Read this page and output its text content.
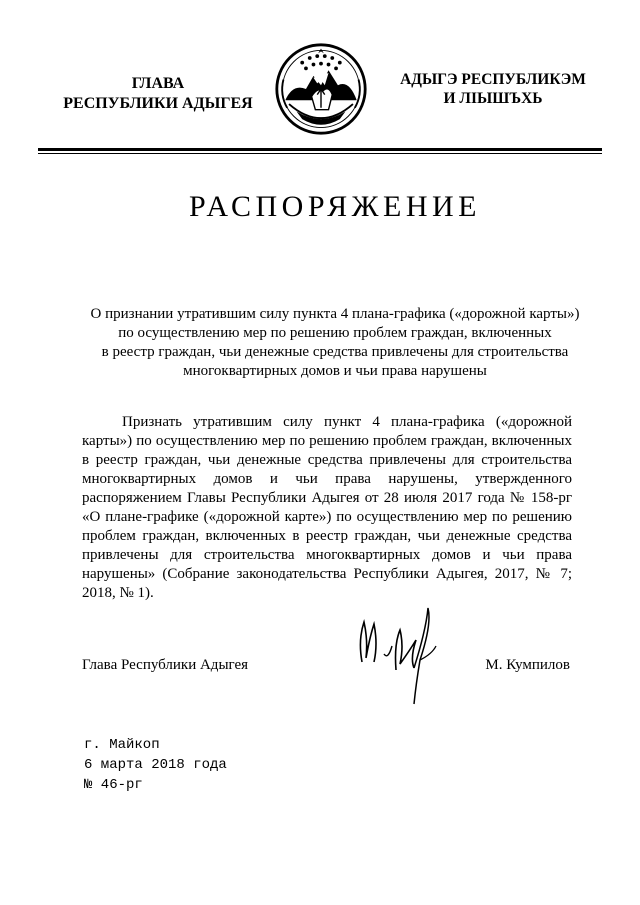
ГЛАВА
РЕСПУБЛИКИ АДЫГЕЯ
АДЫГЭ РЕСПУБЛИКЭМ
И ЛІЫШЪХЬ
РАСПОРЯЖЕНИЕ
О признании утратившим силу пункта 4 плана-графика («дорожной карты»)
по осуществлению мер по решению проблем граждан, включенных
в реестр граждан, чьи денежные средства привлечены для строительства
многоквартирных домов и чьи права нарушены
Признать утратившим силу пункт 4 плана-графика («дорожной карты») по осуществлению мер по решению проблем граждан, включенных в реестр граждан, чьи денежные средства привлечены для строительства многоквартирных домов и чьи права нарушены, утвержденного распоряжением Главы Республики Адыгея от 28 июля 2017 года № 158-рг «О плане-графике («дорожной карте») по осуществлению мер по решению проблем граждан, включенных в реестр граждан, чьи денежные средства привлечены для строительства многоквартирных домов и чьи права нарушены» (Собрание законодательства Республики Адыгея, 2017, № 7; 2018, № 1).
Глава Республики Адыгея	М. Кумпилов
г. Майкоп
6 марта 2018 года
№ 46-рг
